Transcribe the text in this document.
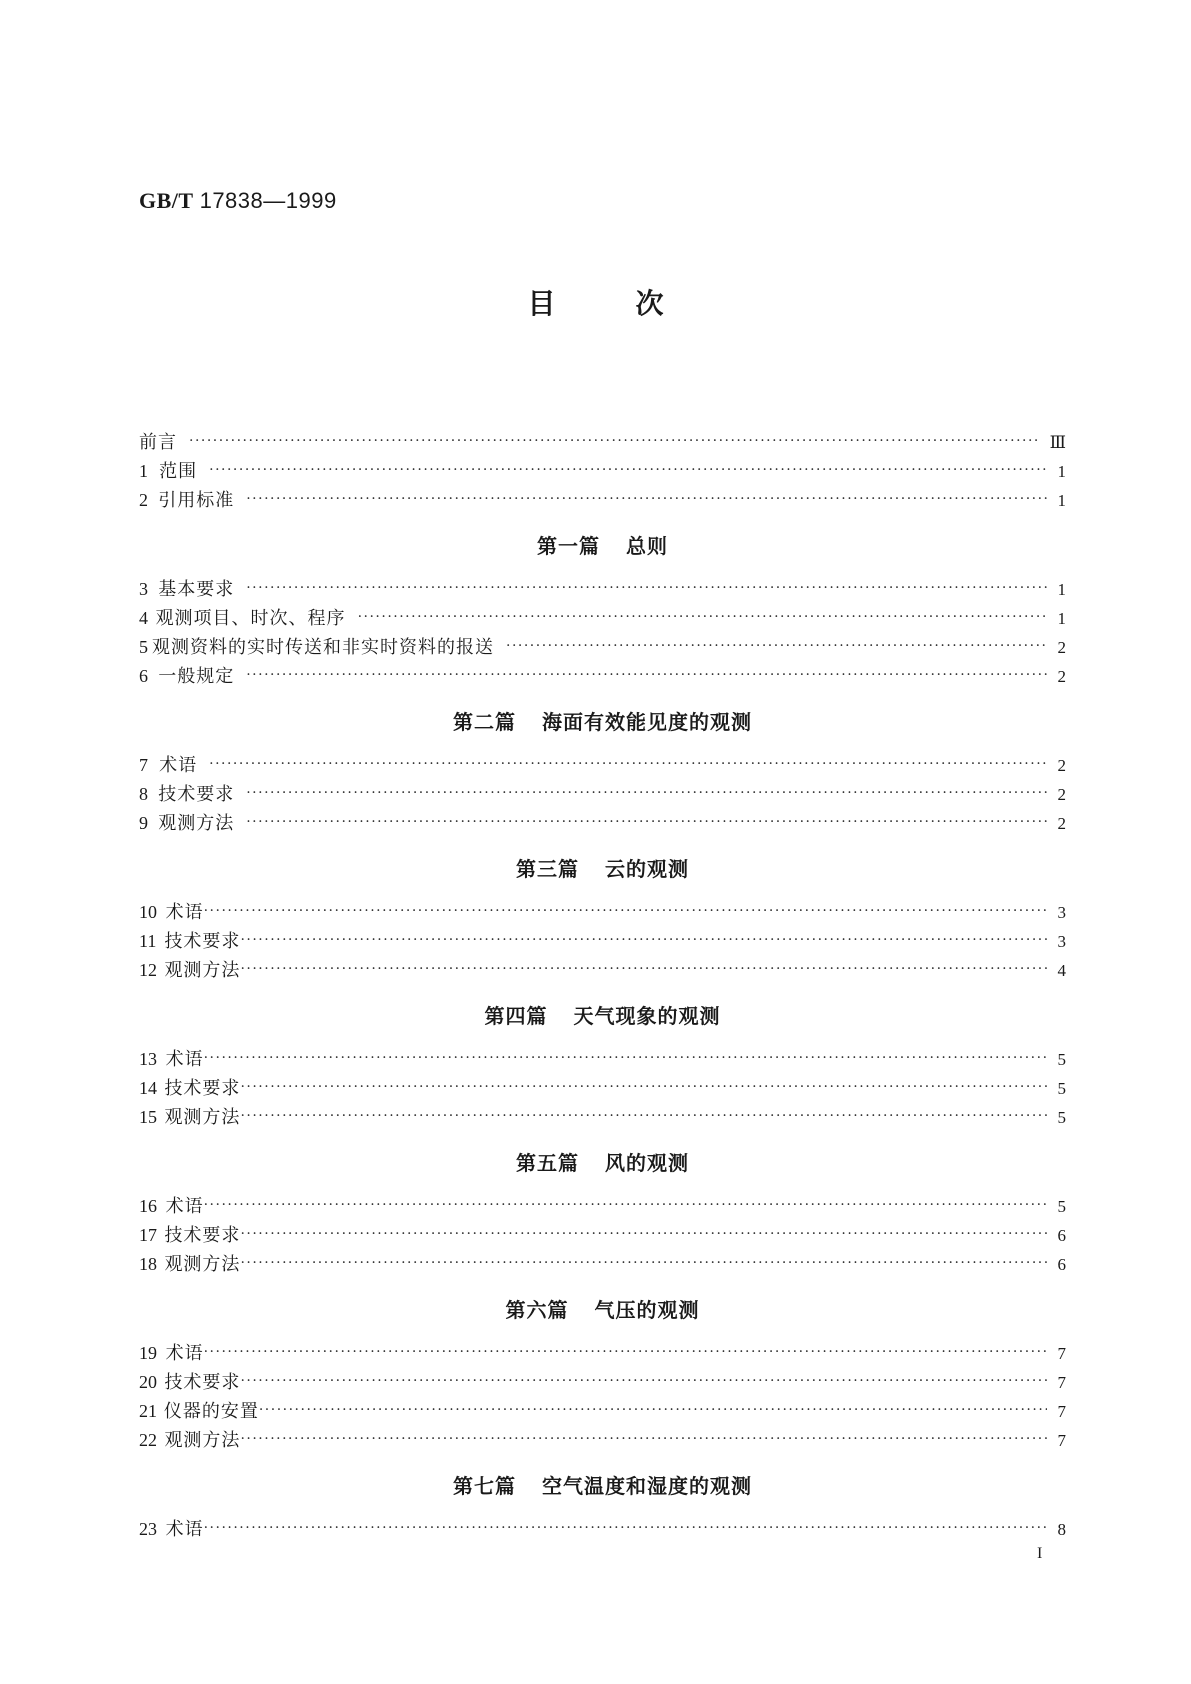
GB/T 17838—1999
目次
前言 ·····	Ⅲ
1 范围 ·····	1
2 引用标准 ·····	1
第一篇 总则
3 基本要求 ·····	1
4 观测项目、时次、程序 ·····	1
5 观测资料的实时传送和非实时资料的报送 ·····	2
6 一般规定 ·····	2
第二篇 海面有效能见度的观测
7 术语 ·····	2
8 技术要求 ·····	2
9 观测方法 ·····	2
第三篇 云的观测
10 术语 ·····	3
11 技术要求 ·····	3
12 观测方法 ·····	4
第四篇 天气现象的观测
13 术语 ·····	5
14 技术要求 ·····	5
15 观测方法 ·····	5
第五篇 风的观测
16 术语 ·····	5
17 技术要求 ·····	6
18 观测方法 ·····	6
第六篇 气压的观测
19 术语 ·····	7
20 技术要求 ·····	7
21 仪器的安置 ·····	7
22 观测方法 ·····	7
第七篇 空气温度和湿度的观测
23 术语 ·····	8
I
